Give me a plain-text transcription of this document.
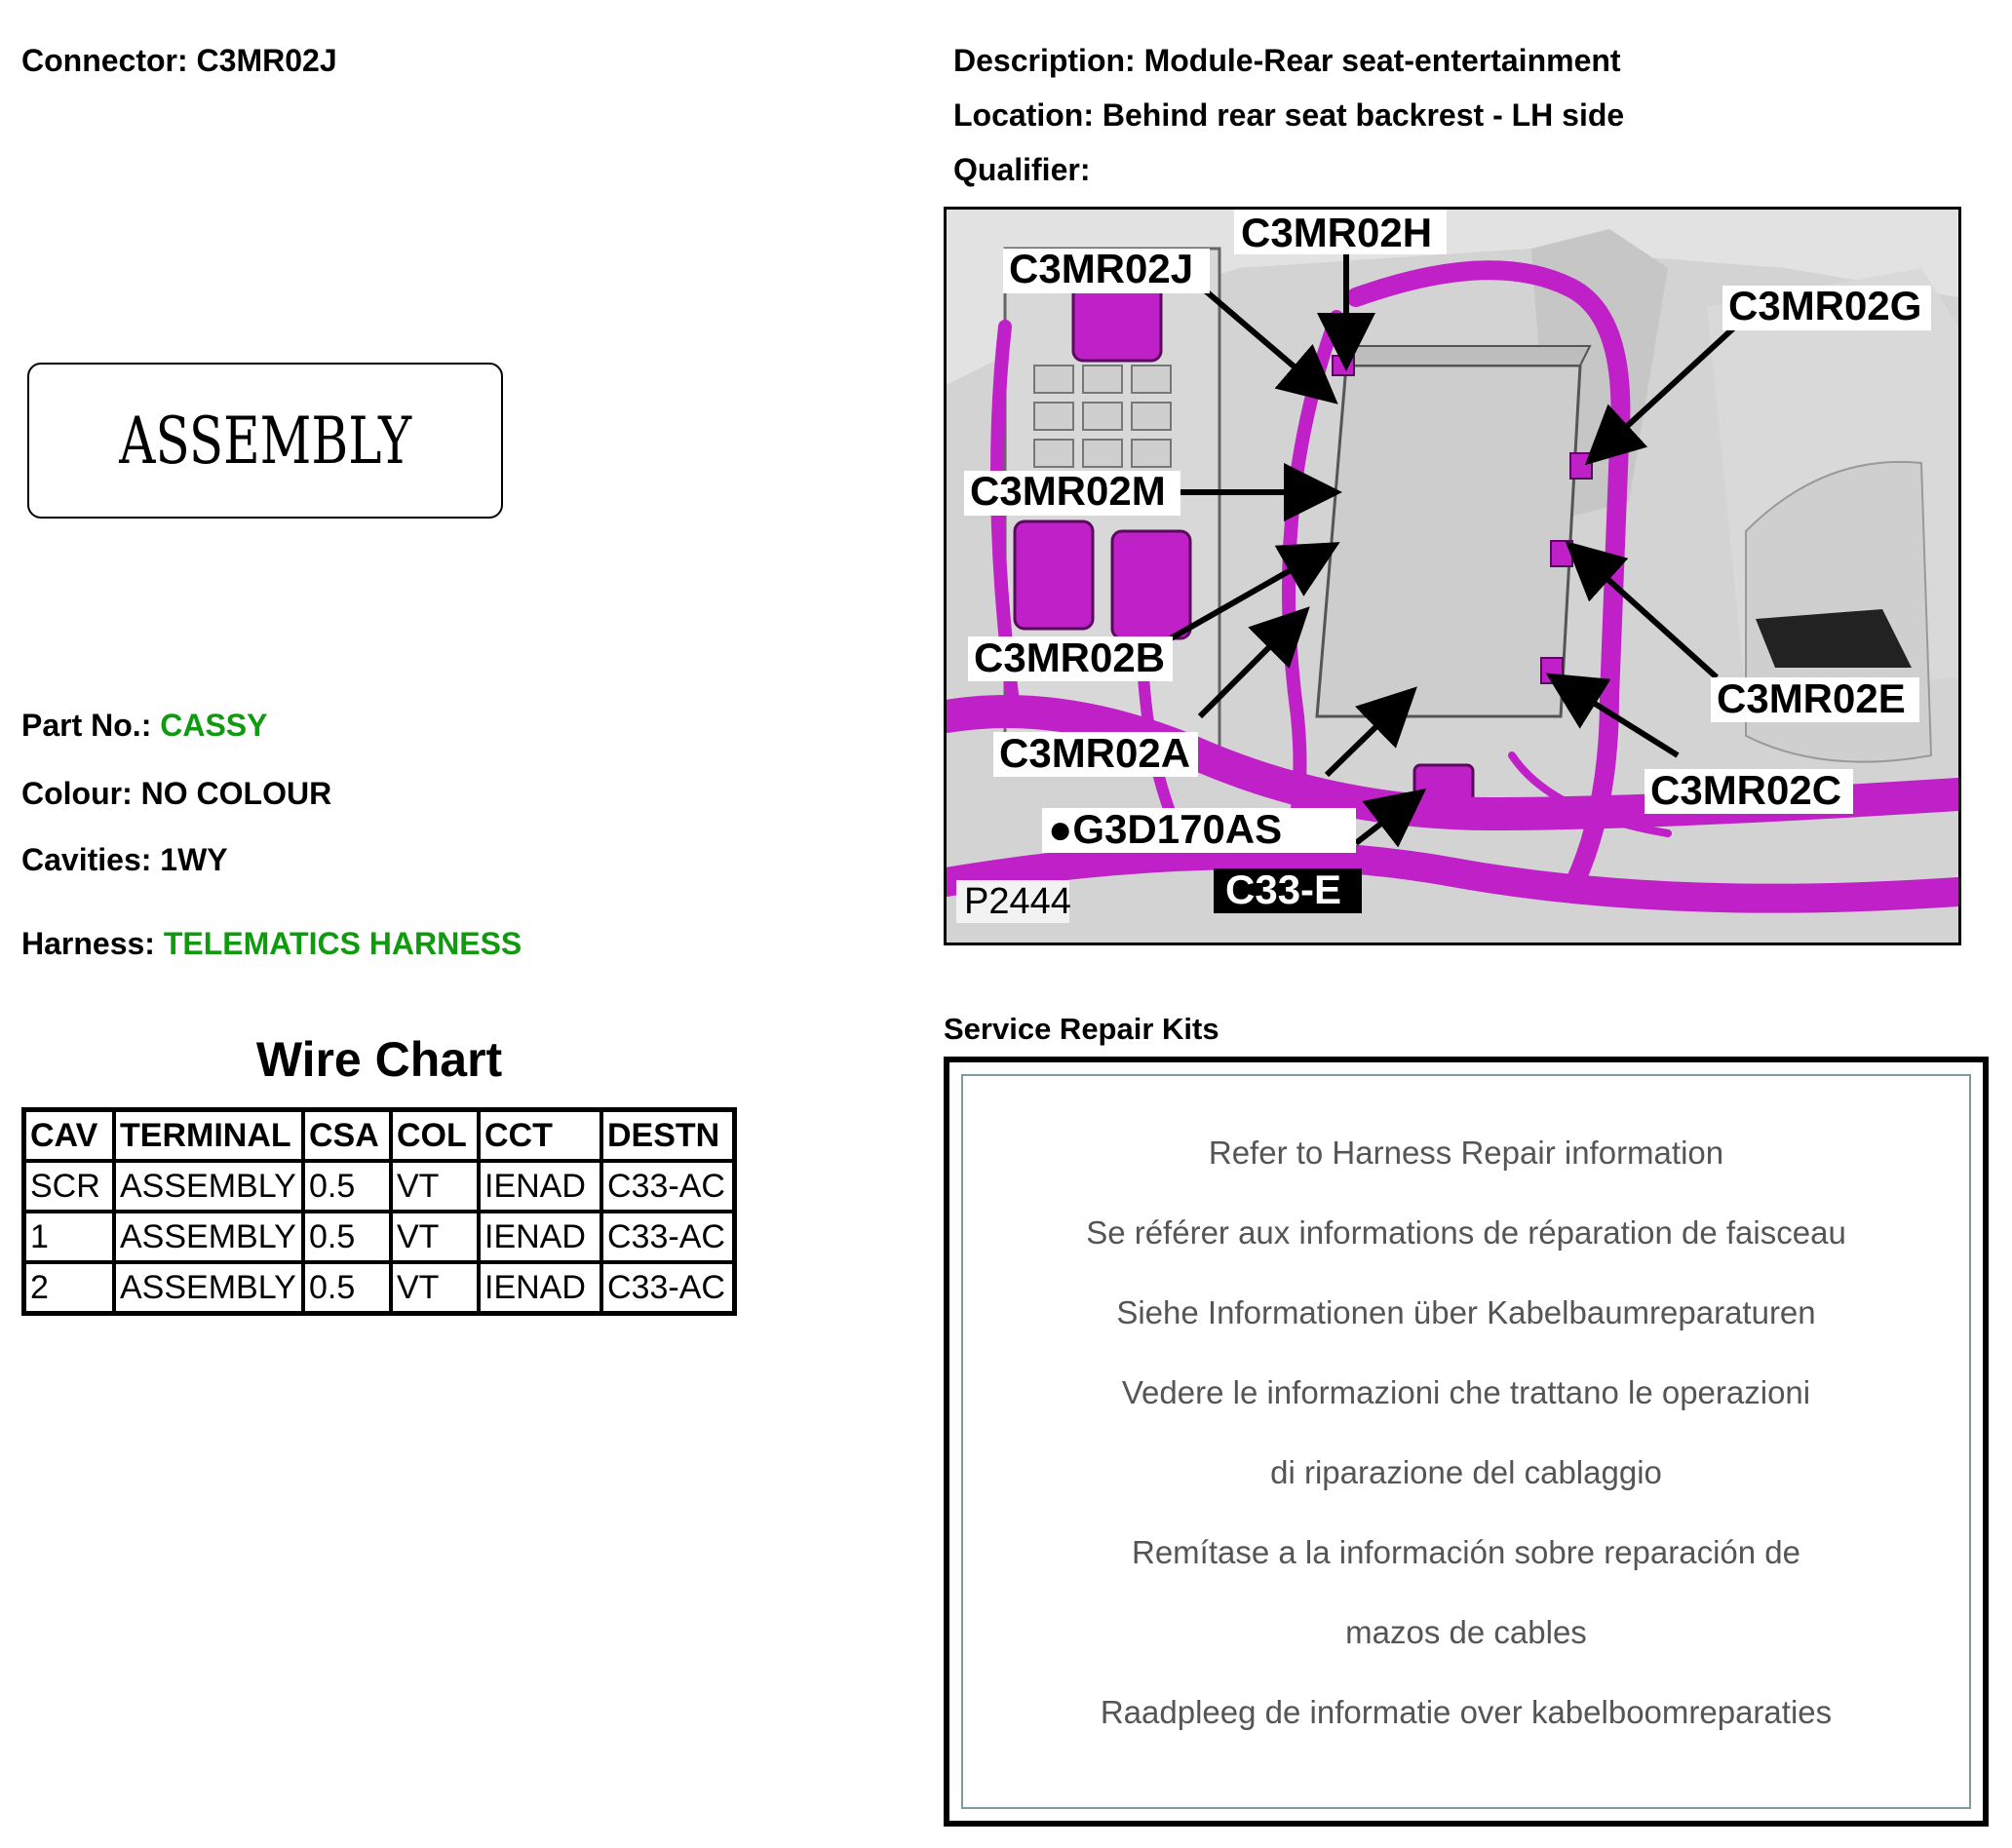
Connector: C3MR02J	Description: Module-Rear seat-entertainment
Location: Behind rear seat backrest - LH side
Qualifier:
ASSEMBLY
Part No.: CASSY
Colour: NO COLOUR
Cavities: 1WY
Harness: TELEMATICS HARNESS
Wire Chart
CAV	TERMINAL	CSA	COL	CCT	DESTN
SCR	ASSEMBLY	0.5	VT	IENAD	C33-AC
1	ASSEMBLY	0.5	VT	IENAD	C33-AC
2	ASSEMBLY	0.5	VT	IENAD	C33-AC
C3MR02H
C3MR02J
C3MR02G
C3MR02M
C3MR02B
C3MR02E
C3MR02A
C3MR02C
●G3D170AS
C33-E
P2444
Service Repair Kits
Refer to Harness Repair information
Se référer aux informations de réparation de faisceau
Siehe Informationen über Kabelbaumreparaturen
Vedere le informazioni che trattano le operazioni
di riparazione del cablaggio
Remítase a la información sobre reparación de
mazos de cables
Raadpleeg de informatie over kabelboomreparaties
